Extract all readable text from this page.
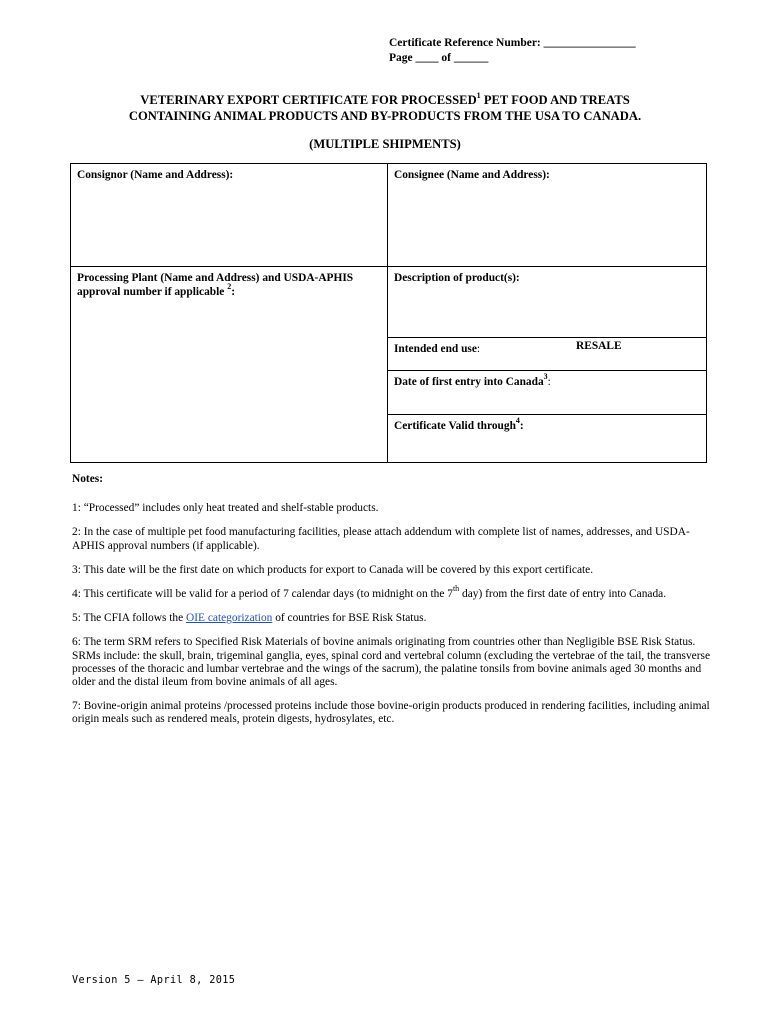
Certificate Reference Number: ________________
Page ____ of ______
VETERINARY EXPORT CERTIFICATE FOR PROCESSED$^1$ PET FOOD AND TREATS
CONTAINING ANIMAL PRODUCTS AND BY-PRODUCTS FROM THE USA TO CANADA.
(MULTIPLE SHIPMENTS)
Consignor (Name and Address):	Consignee (Name and Address):
Processing Plant (Name and Address) and USDA-APHIS approval number if applicable $^2$:
Description of product(s):
Intended end use:	RESALE
Date of first entry into Canada$^3$:
Certificate Valid through$^4$:

Notes:

1: “Processed” includes only heat treated and shelf-stable products.

2: In the case of multiple pet food manufacturing facilities, please attach addendum with complete list of names, addresses, and USDA-APHIS approval numbers (if applicable).

3: This date will be the first date on which products for export to Canada will be covered by this export certificate.

4: This certificate will be valid for a period of 7 calendar days (to midnight on the 7th day) from the first date of entry into Canada.

5: The CFIA follows the OIE categorization of countries for BSE Risk Status.

6: The term SRM refers to Specified Risk Materials of bovine animals originating from countries other than Negligible BSE Risk Status. SRMs include: the skull, brain, trigeminal ganglia, eyes, spinal cord and vertebral column (excluding the vertebrae of the tail, the transverse processes of the thoracic and lumbar vertebrae and the wings of the sacrum), the palatine tonsils from bovine animals aged 30 months and older and the distal ileum from bovine animals of all ages.

7: Bovine-origin animal proteins /processed proteins include those bovine-origin products produced in rendering facilities, including animal origin meals such as rendered meals, protein digests, hydrosylates, etc.

Version 5 – April 8, 2015
